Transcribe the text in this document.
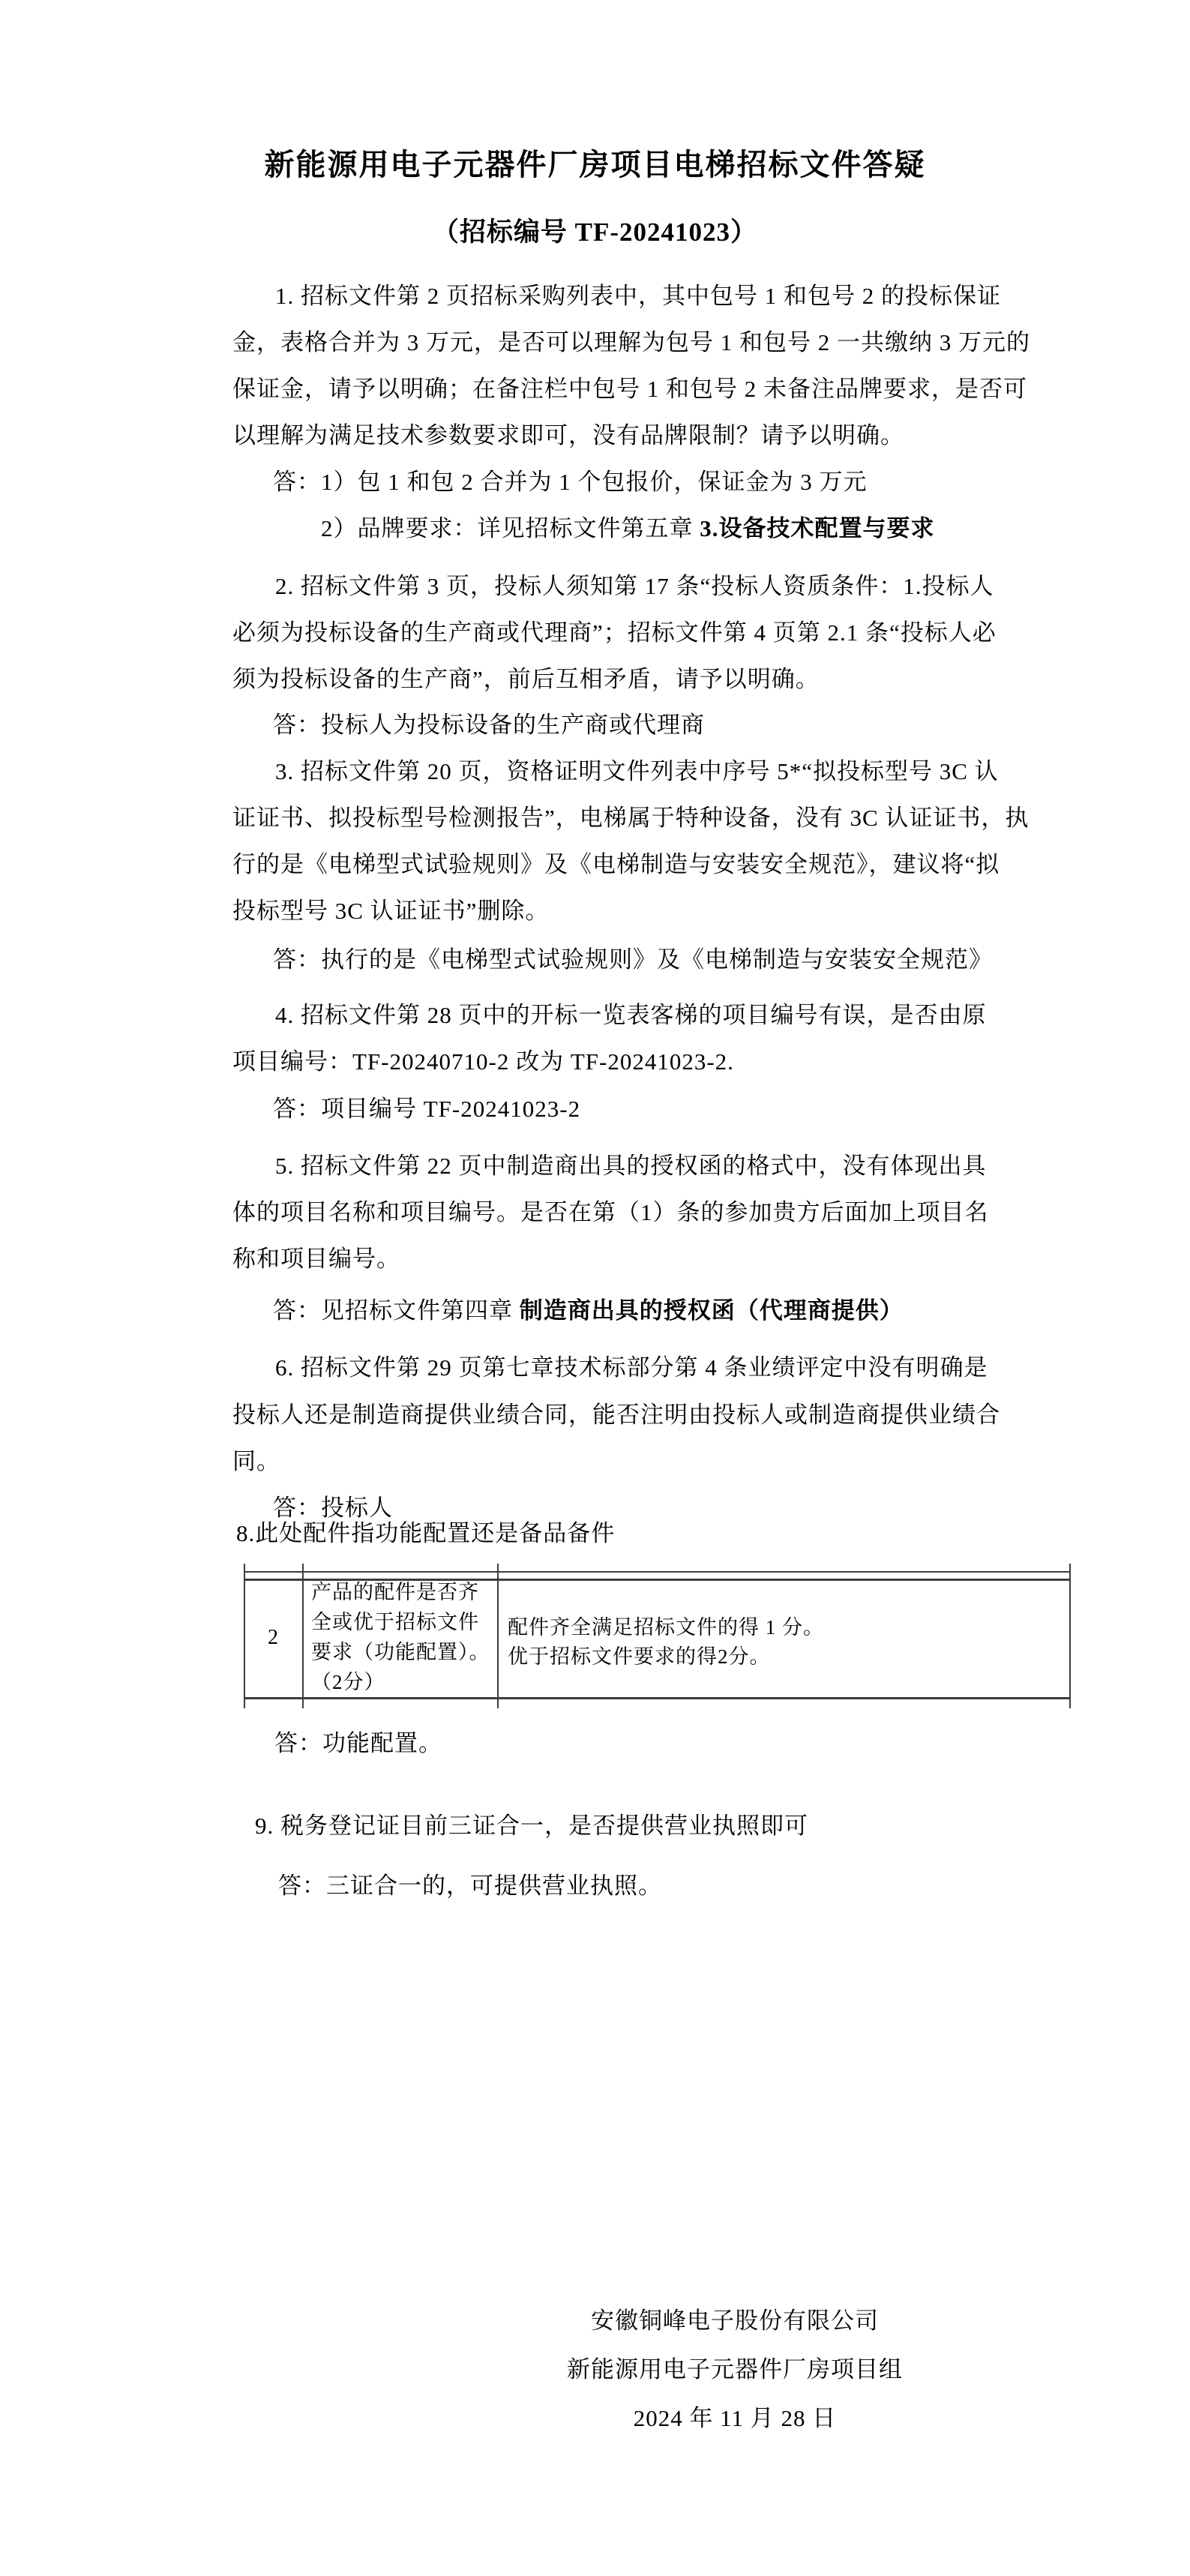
新能源用电子元器件厂房项目电梯招标文件答疑
（招标编号 TF-20241023）
1. 招标文件第 2 页招标采购列表中，其中包号 1 和包号 2 的投标保证
金，表格合并为 3 万元，是否可以理解为包号 1 和包号 2 一共缴纳 3 万元的
保证金，请予以明确；在备注栏中包号 1 和包号 2 未备注品牌要求，是否可
以理解为满足技术参数要求即可，没有品牌限制？请予以明确。
答：1）包 1 和包 2 合并为 1 个包报价，保证金为 3 万元
2）品牌要求：详见招标文件第五章 3.设备技术配置与要求
2. 招标文件第 3 页，投标人须知第 17 条“投标人资质条件：1.投标人
必须为投标设备的生产商或代理商”；招标文件第 4 页第 2.1 条“投标人必
须为投标设备的生产商”，前后互相矛盾，请予以明确。
答：投标人为投标设备的生产商或代理商
3. 招标文件第 20 页，资格证明文件列表中序号 5*“拟投标型号 3C 认
证证书、拟投标型号检测报告”，电梯属于特种设备，没有 3C 认证证书，执
行的是《电梯型式试验规则》及《电梯制造与安装安全规范》，建议将“拟
投标型号 3C 认证证书”删除。
答：执行的是《电梯型式试验规则》及《电梯制造与安装安全规范》
4. 招标文件第 28 页中的开标一览表客梯的项目编号有误，是否由原
项目编号：TF-20240710-2 改为 TF-20241023-2.
答：项目编号 TF-20241023-2
5. 招标文件第 22 页中制造商出具的授权函的格式中，没有体现出具
体的项目名称和项目编号。是否在第（1）条的参加贵方后面加上项目名
称和项目编号。
答：见招标文件第四章 制造商出具的授权函（代理商提供）
6. 招标文件第 29 页第七章技术标部分第 4 条业绩评定中没有明确是
投标人还是制造商提供业绩合同，能否注明由投标人或制造商提供业绩合
同。
答：投标人
8.此处配件指功能配置还是备品备件
2
产品的配件是否齐
全或优于招标文件
要求（功能配置）。
（2分）
配件齐全满足招标文件的得 1 分。
优于招标文件要求的得2分。
答：功能配置。
9. 税务登记证目前三证合一，是否提供营业执照即可
答：三证合一的，可提供营业执照。
安徽铜峰电子股份有限公司
新能源用电子元器件厂房项目组
2024 年 11 月 28 日
